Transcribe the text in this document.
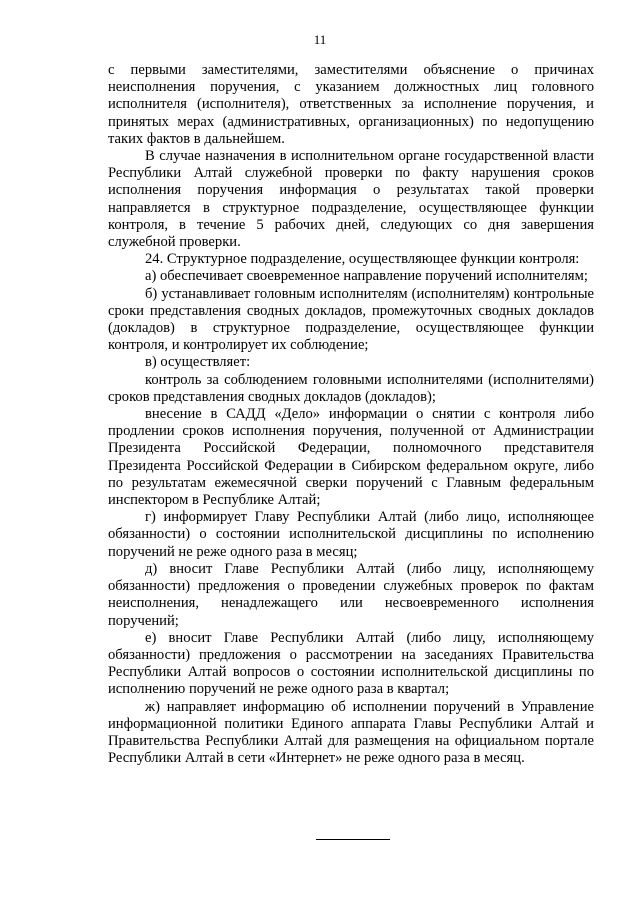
11

с первыми заместителями, заместителями объяснение о причинах неисполнения поручения, с указанием должностных лиц головного исполнителя (исполнителя), ответственных за исполнение поручения, и принятых мерах (административных, организационных) по недопущению таких фактов в дальнейшем.

В случае назначения в исполнительном органе государственной власти Республики Алтай служебной проверки по факту нарушения сроков исполнения поручения информация о результатах такой проверки направляется в структурное подразделение, осуществляющее функции контроля, в течение 5 рабочих дней, следующих со дня завершения служебной проверки.

24. Структурное подразделение, осуществляющее функции контроля:

а) обеспечивает своевременное направление поручений исполнителям;

б) устанавливает головным исполнителям (исполнителям) контрольные сроки представления сводных докладов, промежуточных сводных докладов (докладов) в структурное подразделение, осуществляющее функции контроля, и контролирует их соблюдение;

в) осуществляет:

контроль за соблюдением головными исполнителями (исполнителями) сроков представления сводных докладов (докладов);

внесение в САДД «Дело» информации о снятии с контроля либо продлении сроков исполнения поручения, полученной от Администрации Президента Российской Федерации, полномочного представителя Президента Российской Федерации в Сибирском федеральном округе, либо по результатам ежемесячной сверки поручений с Главным федеральным инспектором в Республике Алтай;

г) информирует Главу Республики Алтай (либо лицо, исполняющее обязанности) о состоянии исполнительской дисциплины по исполнению поручений не реже одного раза в месяц;

д) вносит Главе Республики Алтай (либо лицу, исполняющему обязанности) предложения о проведении служебных проверок по фактам неисполнения, ненадлежащего или несвоевременного исполнения поручений;

е) вносит Главе Республики Алтай (либо лицу, исполняющему обязанности) предложения о рассмотрении на заседаниях Правительства Республики Алтай вопросов о состоянии исполнительской дисциплины по исполнению поручений не реже одного раза в квартал;

ж) направляет информацию об исполнении поручений в Управление информационной политики Единого аппарата Главы Республики Алтай и Правительства Республики Алтай для размещения на официальном портале Республики Алтай в сети «Интернет» не реже одного раза в месяц.
